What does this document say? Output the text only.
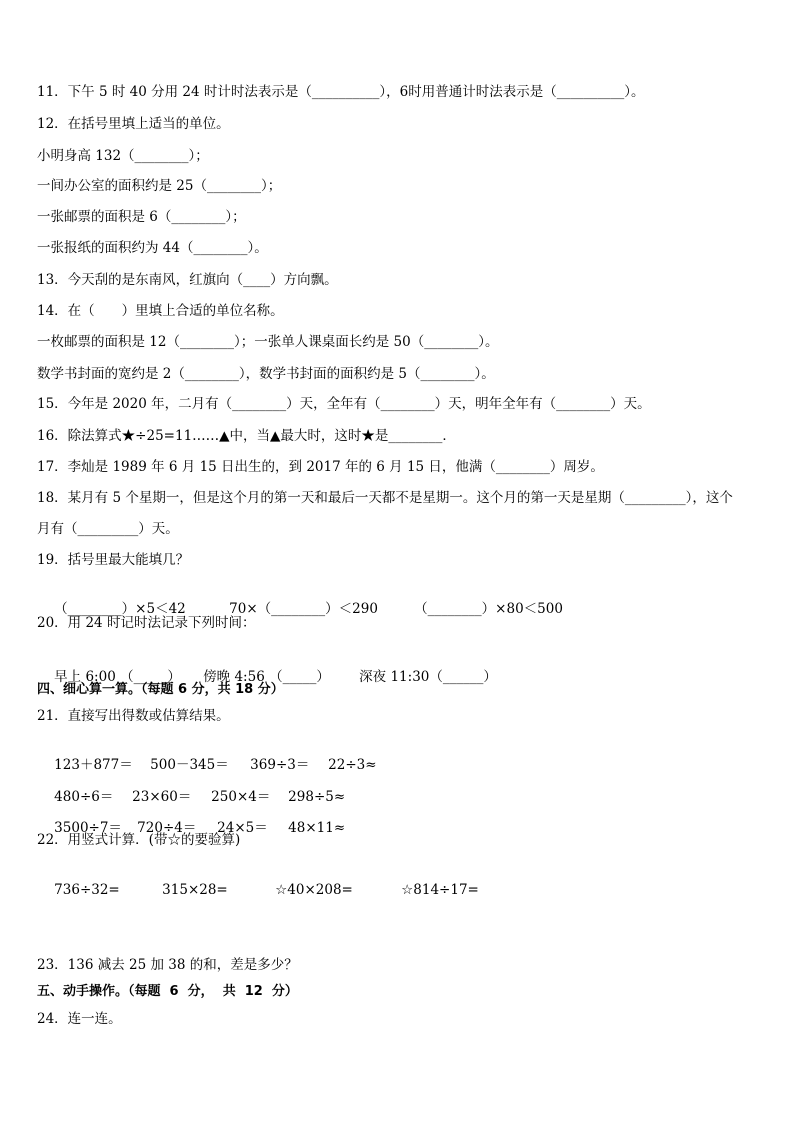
11．下午 5 时 40 分用 24 时计时法表示是（__________），6时用普通计时法表示是（__________）。
12．在括号里填上适当的单位。
小明身高 132（________）；
一间办公室的面积约是 25（________）；
一张邮票的面积是 6（________）；
一张报纸的面积约为 44（________）。
13．今天刮的是东南风，红旗向（____）方向飘。
14．在（　　）里填上合适的单位名称。
一枚邮票的面积是 12（________）；一张单人课桌面长约是 50（________）。
数学书封面的宽约是 2（________），数学书封面的面积约是 5（________）。
15．今年是 2020 年，二月有（________）天，全年有（________）天，明年全年有（________）天。
16．除法算式★÷25=11……▲中，当▲最大时，这时★是________．
17．李灿是 1989 年 6 月 15 日出生的，到 2017 年的 6 月 15 日，他满（________）周岁。
18．某月有 5 个星期一，但是这个月的第一天和最后一天都不是星期一。这个月的第一天是星期（_________），这个
月有（_________）天。
19．括号里最大能填几？

（________）×5＜42	70×（________）＜290	（________）×80＜500

20．用 24 时记时法记录下列时间：

早上 6:00 （_____） 傍晚 4:56 （_____） 深夜 11:30（______）

四、细心算一算。（每题 6 分，共 18 分）
21．直接写出得数或估算结果。

123＋877＝ 500－345＝ 369÷3＝ 22÷3≈

480÷6＝ 23×60＝ 250×4＝ 298÷5≈

3500÷7＝ 720÷4＝ 24×5＝ 48×11≈

22．用竖式计算．(带☆的要验算)

736÷32=	315×28=	☆40×208=	☆814÷17=

23．136 减去 25 加 38 的和，差是多少？
五、动手操作。（每题  6  分，  共  12  分）
24．连一连。
